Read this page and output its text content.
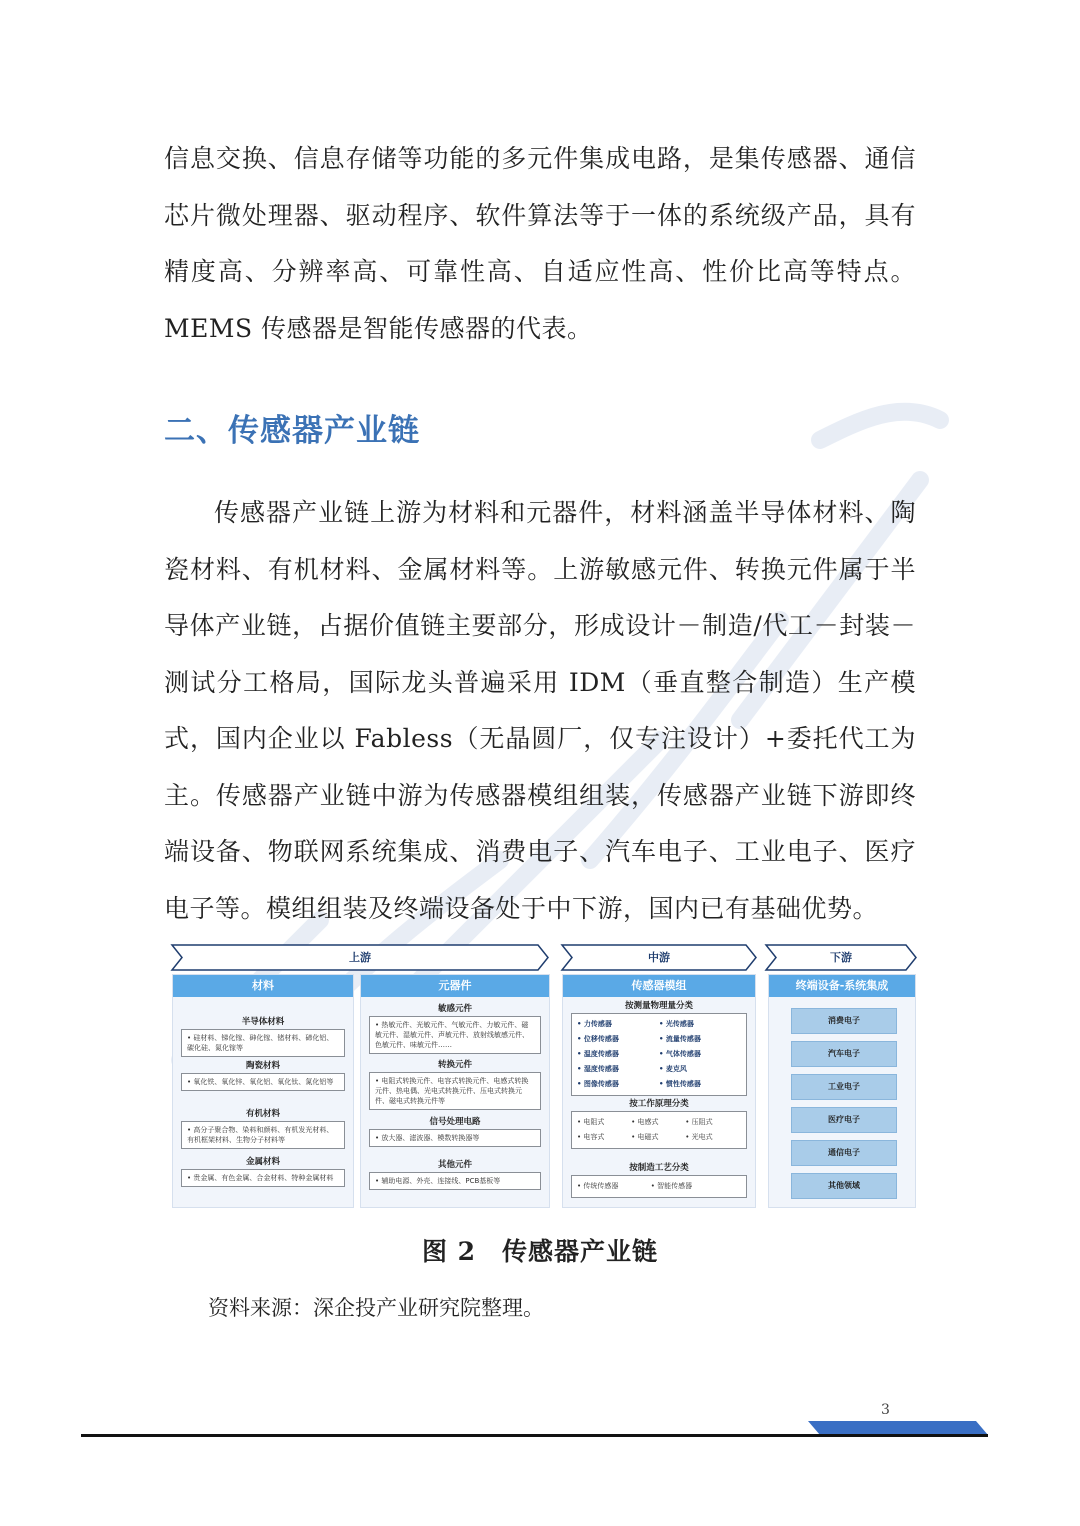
信息交换、信息存储等功能的多元件集成电路，是集传感器、通信芯片微处理器、驱动程序、软件算法等于一体的系统级产品，具有精度高、分辨率高、可靠性高、自适应性高、性价比高等特点。MEMS 传感器是智能传感器的代表。
二、传感器产业链
传感器产业链上游为材料和元器件，材料涵盖半导体材料、陶瓷材料、有机材料、金属材料等。上游敏感元件、转换元件属于半导体产业链，占据价值链主要部分，形成设计－制造/代工－封装－测试分工格局，国际龙头普遍采用 IDM（垂直整合制造）生产模式，国内企业以 Fabless（无晶圆厂，仅专注设计）+委托代工为主。传感器产业链中游为传感器模组组装，传感器产业链下游即终端设备、物联网系统集成、消费电子、汽车电子、工业电子、医疗电子等。模组组装及终端设备处于中下游，国内已有基础优势。
上游	中游	下游
材料
半导体材料
• 硅材料、锑化镓、砷化镓、锗材料、碲化铝、碳化硅、氮化镓等
陶瓷材料
• 氧化铁、氧化锌、氧化铝、氧化钛、氮化铝等
有机材料
• 高分子聚合物、染料和颜料、有机发光材料、有机框架材料、生物分子材料等
金属材料
• 贵金属、有色金属、合金材料、特种金属材料
元器件
敏感元件
• 热敏元件、光敏元件、气敏元件、力敏元件、磁敏元件、湿敏元件、声敏元件、放射线敏感元件、色敏元件、味敏元件……
转换元件
• 电阻式转换元件、电容式转换元件、电感式转换元件、热电偶、光电式转换元件、压电式转换元件、磁电式转换元件等
信号处理电路
• 放大器、滤波器、模数转换器等
其他元件
• 辅助电源、外壳、连接线、PCB基板等
传感器模组
按测量物理量分类
• 力传感器	• 光传感器
• 位移传感器	• 流量传感器
• 温度传感器	• 气体传感器
• 湿度传感器	• 麦克风
• 图像传感器	• 惯性传感器
按工作原理分类
• 电阻式	• 电感式	• 压阻式
• 电容式	• 电磁式	• 光电式
按制造工艺分类
• 传统传感器	• 智能传感器
终端设备-系统集成
消费电子
汽车电子
工业电子
医疗电子
通信电子
其他领域
图 2　传感器产业链
资料来源：深企投产业研究院整理。
3
